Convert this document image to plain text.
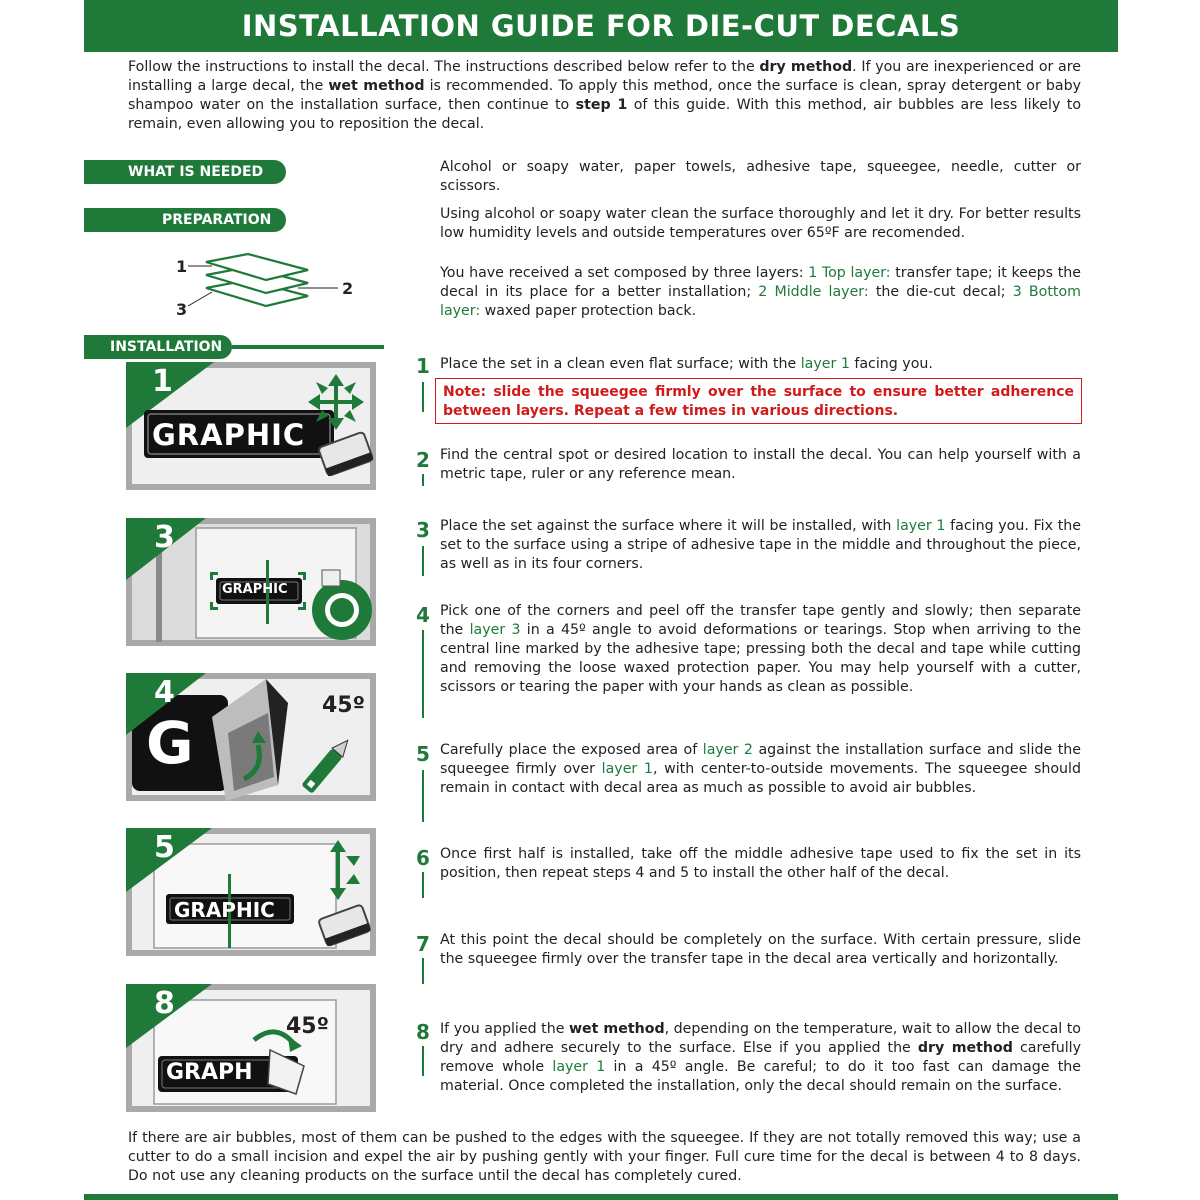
INSTALLATION GUIDE FOR DIE-CUT DECALS
Follow the instructions to install the decal. The instructions described below refer to the dry method. If you are inexperienced or are installing a large decal, the wet method is recommended. To apply this method, once the surface is clean, spray detergent or baby shampoo water on the installation surface, then continue to step 1 of this guide. With this method, air bubbles are less likely to remain, even allowing you to reposition the decal.
WHAT IS NEEDED	Alcohol or soapy water, paper towels, adhesive tape, squeegee, needle, cutter or scissors.
PREPARATION	Using alcohol or soapy water clean the surface thoroughly and let it dry. For better results low humidity levels and outside temperatures over 65ºF are recomended.
1
2
3
You have received a set composed by three layers: 1 Top layer: transfer tape; it keeps the decal in its place for a better installation; 2 Middle layer: the die-cut decal; 3 Bottom layer: waxed paper protection back.
INSTALLATION
1 Place the set in a clean even flat surface; with the layer 1 facing you.
Note: slide the squeegee firmly over the surface to ensure better adherence between layers. Repeat a few times in various directions.
2 Find the central spot or desired location to install the decal. You can help yourself with a metric tape, ruler or any reference mean.
3 Place the set against the surface where it will be installed, with layer 1 facing you. Fix the set to the surface using a stripe of adhesive tape in the middle and throughout the piece, as well as in its four corners.
4 Pick one of the corners and peel off the transfer tape gently and slowly; then separate the layer 3 in a 45º angle to avoid deformations or tearings. Stop when arriving to the central line marked by the adhesive tape; pressing both the decal and tape while cutting and removing the loose waxed protection paper. You may help yourself with a cutter, scissors or tearing the paper with your hands as clean as possible.
5 Carefully place the exposed area of layer 2 against the installation surface and slide the squeegee firmly over layer 1, with center-to-outside movements. The squeegee should remain in contact with decal area as much as possible to avoid air bubbles.
6 Once first half is installed, take off the middle adhesive tape used to fix the set in its position, then repeat steps 4 and 5 to install the other half of the decal.
7 At this point the decal should be completely on the surface. With certain pressure, slide the squeegee firmly over the transfer tape in the decal area vertically and horizontally.
8 If you applied the wet method, depending on the temperature, wait to allow the decal to dry and adhere securely to the surface. Else if you applied the dry method carefully remove whole layer 1 in a 45º angle. Be careful; to do it too fast can damage the material. Once completed the installation, only the decal should remain on the surface.
1
GRAPHIC
3
GRAPHIC
4
G
45º
5
GRAPHIC
8
GRAPH
45º
If there are air bubbles, most of them can be pushed to the edges with the squeegee. If they are not totally removed this way; use a cutter to do a small incision and expel the air by pushing gently with your finger. Full cure time for the decal is between 4 to 8 days. Do not use any cleaning products on the surface until the decal has completely cured.
